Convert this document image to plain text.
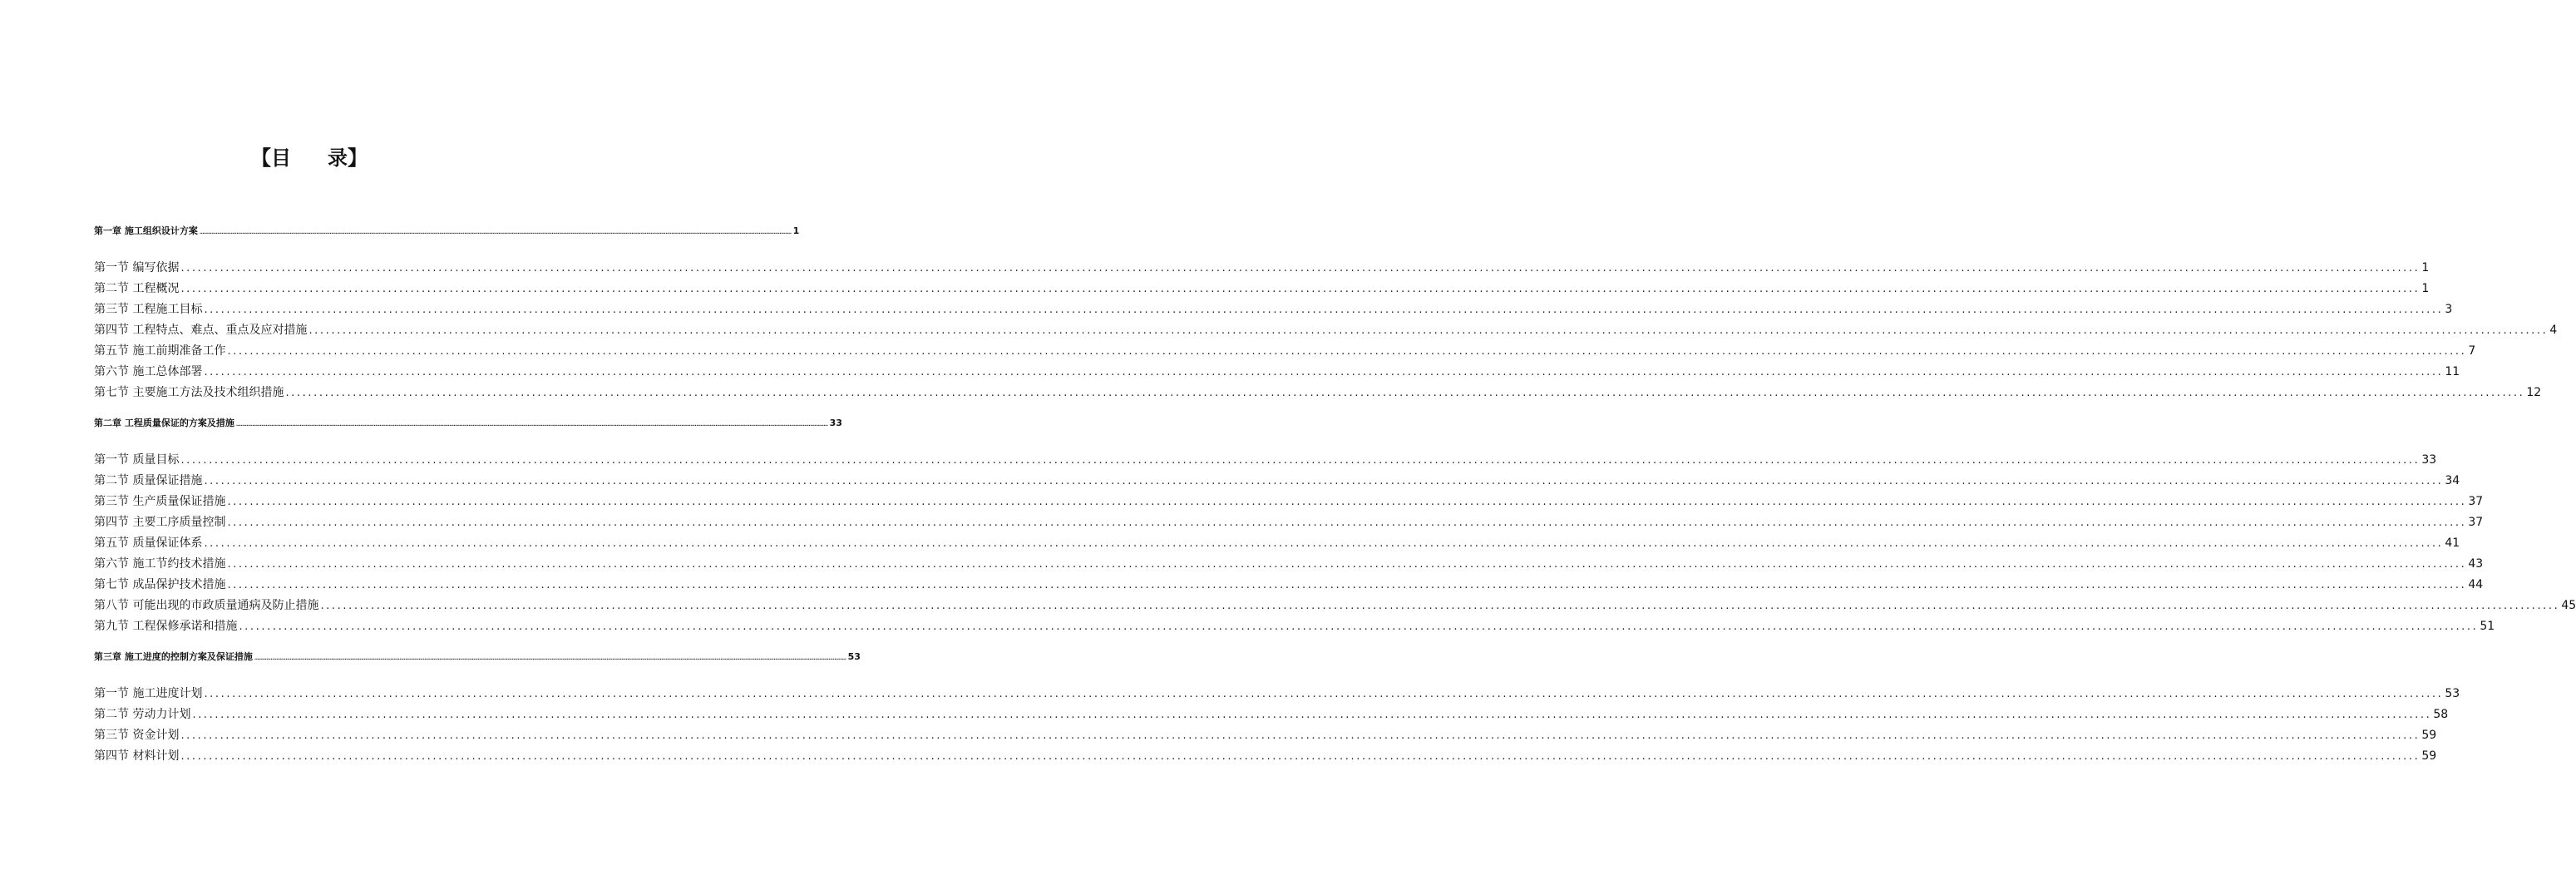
【目 录】
第一章 施工组织设计方案 ................................................................................................................................................................................................................................................................................................................................................................................................................ 1
第一节 编写依据 ................................................................................................................................................................................................................................................................................................................................................................................................................ 1
第二节 工程概况 ................................................................................................................................................................................................................................................................................................................................................................................................................ 1
第三节 工程施工目标 ................................................................................................................................................................................................................................................................................................................................................................................................................ 3
第四节 工程特点、难点、重点及应对措施 ................................................................................................................................................................................................................................................................................................................................................................................................................ 4
第五节 施工前期准备工作 ................................................................................................................................................................................................................................................................................................................................................................................................................ 7
第六节 施工总体部署 ................................................................................................................................................................................................................................................................................................................................................................................................................ 11
第七节 主要施工方法及技术组织措施 ................................................................................................................................................................................................................................................................................................................................................................................................................ 12
第二章 工程质量保证的方案及措施 ................................................................................................................................................................................................................................................................................................................................................................................................................ 33
第一节 质量目标 ................................................................................................................................................................................................................................................................................................................................................................................................................ 33
第二节 质量保证措施 ................................................................................................................................................................................................................................................................................................................................................................................................................ 34
第三节 生产质量保证措施 ................................................................................................................................................................................................................................................................................................................................................................................................................ 37
第四节 主要工序质量控制 ................................................................................................................................................................................................................................................................................................................................................................................................................ 37
第五节 质量保证体系 ................................................................................................................................................................................................................................................................................................................................................................................................................ 41
第六节 施工节约技术措施 ................................................................................................................................................................................................................................................................................................................................................................................................................ 43
第七节 成品保护技术措施 ................................................................................................................................................................................................................................................................................................................................................................................................................ 44
第八节 可能出现的市政质量通病及防止措施 ................................................................................................................................................................................................................................................................................................................................................................................................................ 45
第九节 工程保修承诺和措施 ................................................................................................................................................................................................................................................................................................................................................................................................................ 51
第三章 施工进度的控制方案及保证措施 ................................................................................................................................................................................................................................................................................................................................................................................................................ 53
第一节 施工进度计划 ................................................................................................................................................................................................................................................................................................................................................................................................................ 53
第二节 劳动力计划 ................................................................................................................................................................................................................................................................................................................................................................................................................ 58
第三节 资金计划 ................................................................................................................................................................................................................................................................................................................................................................................................................ 59
第四节 材料计划 ................................................................................................................................................................................................................................................................................................................................................................................................................ 59
